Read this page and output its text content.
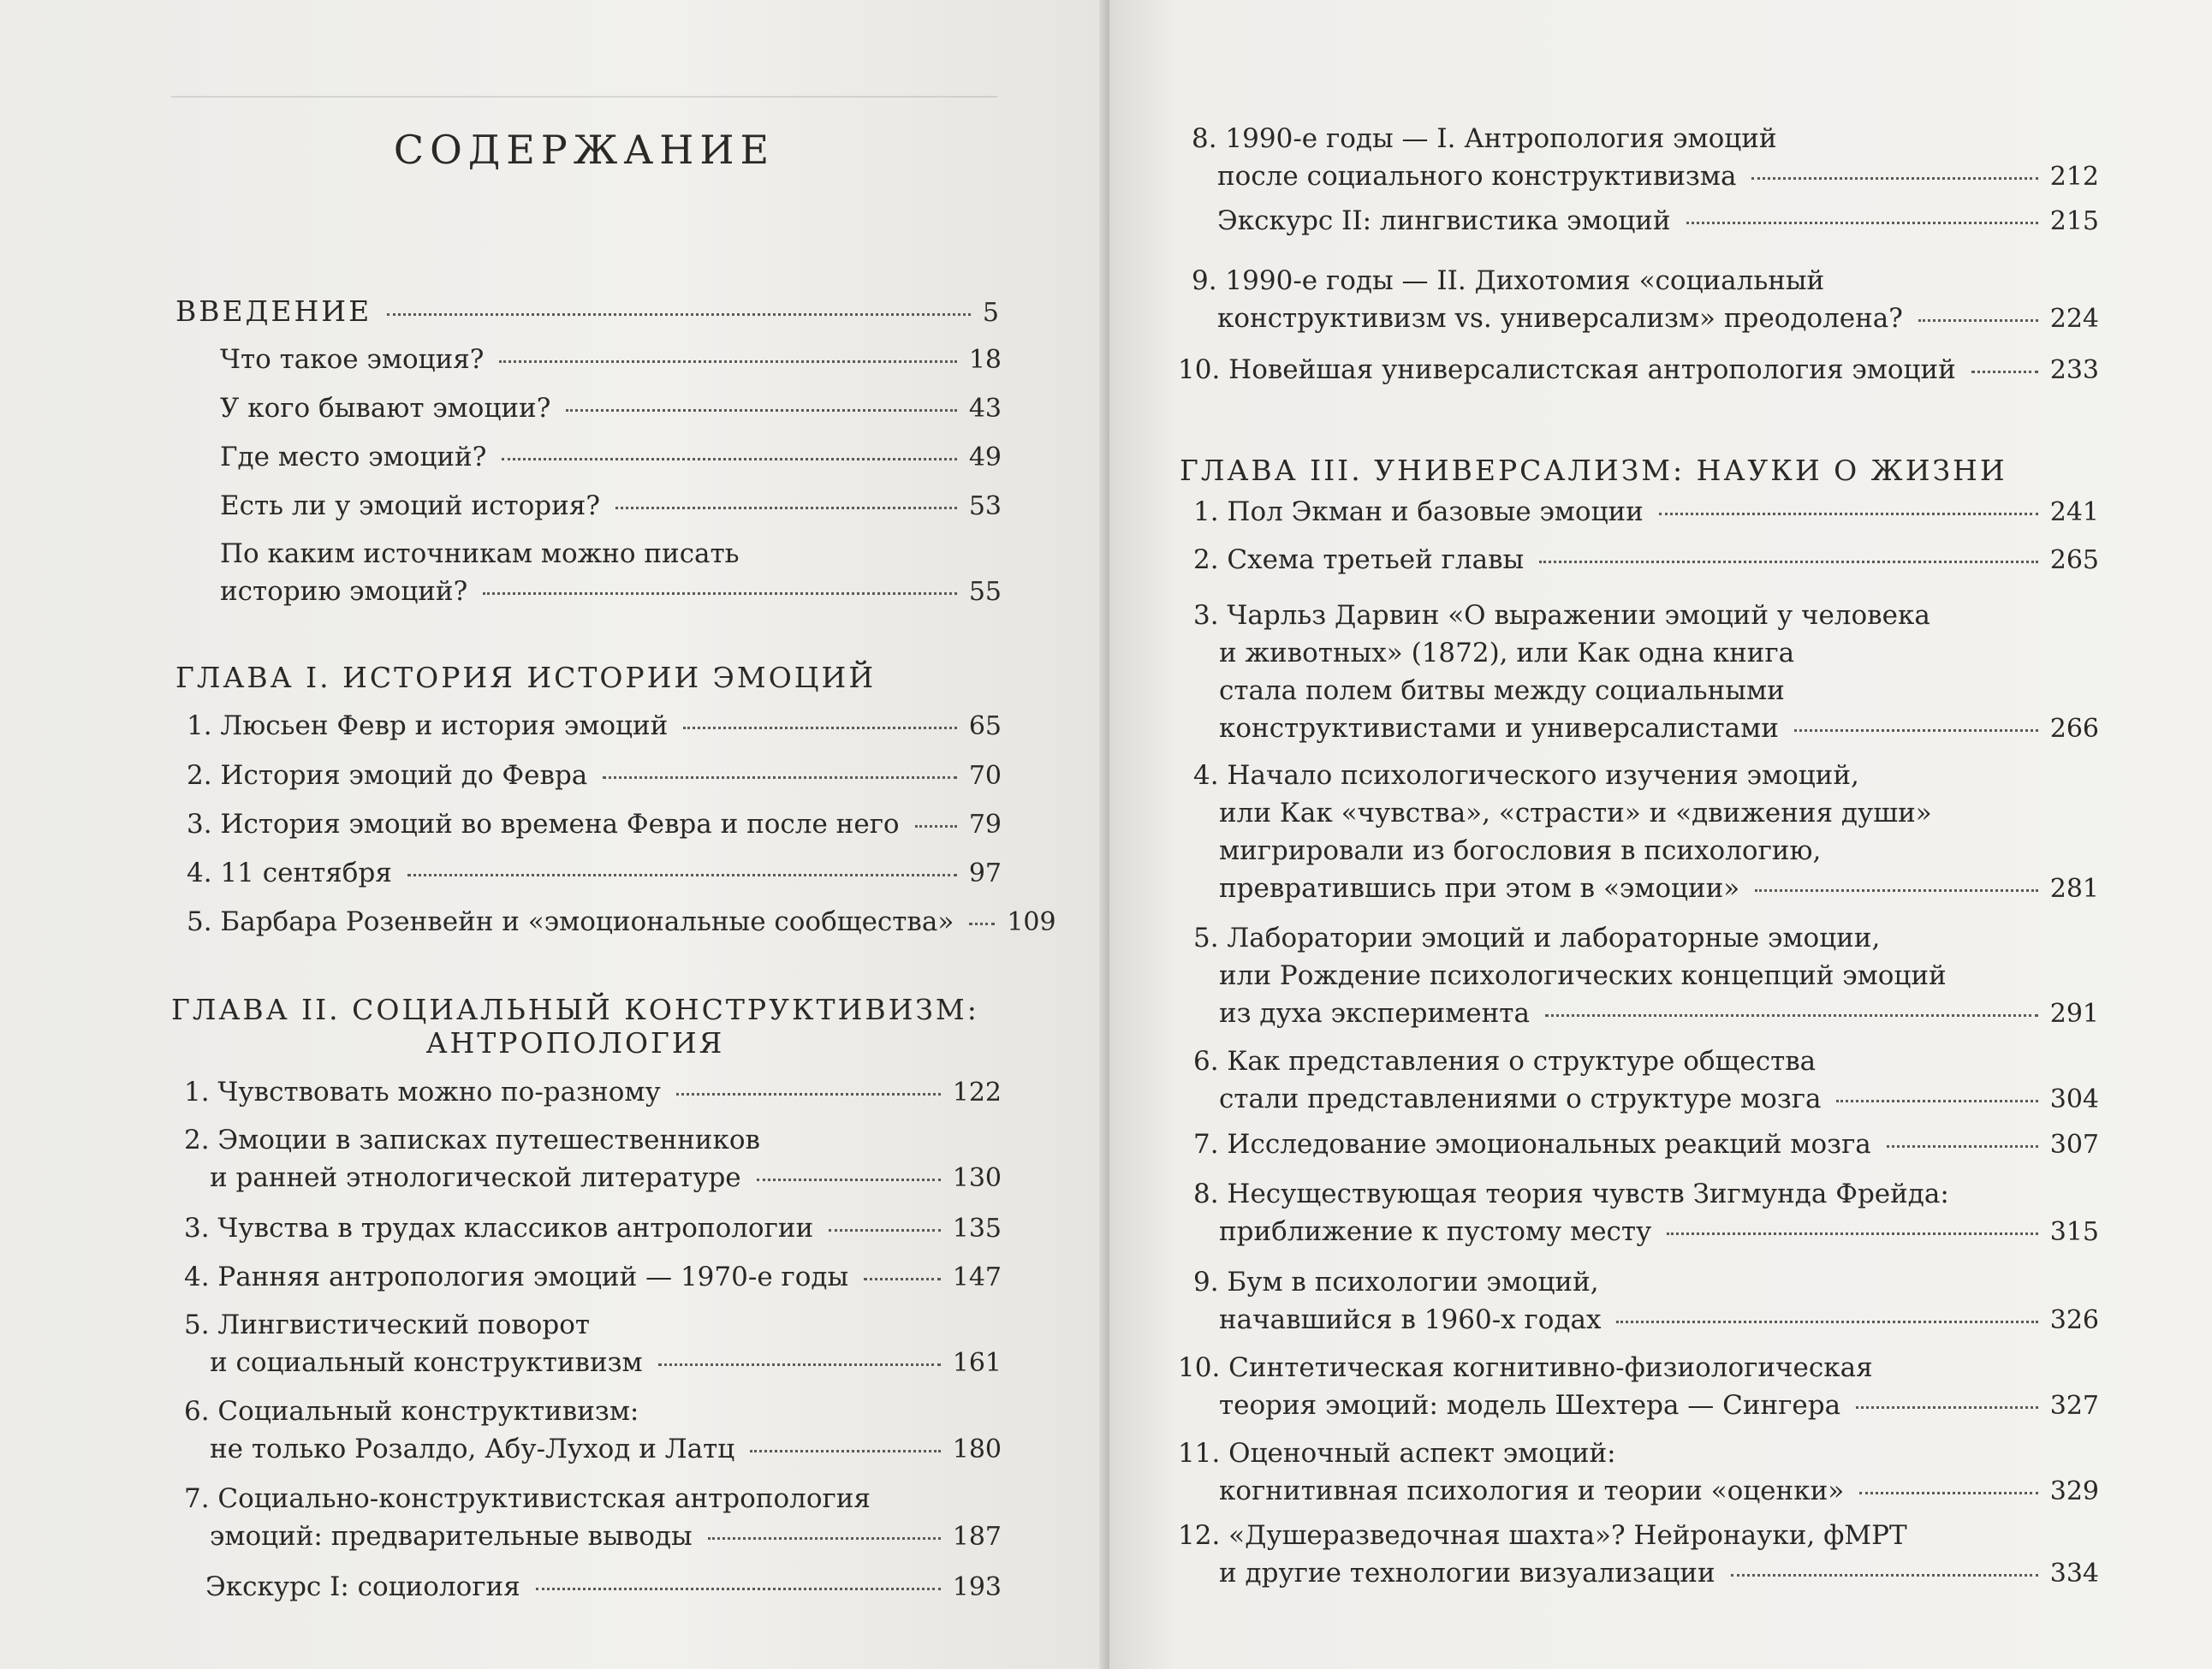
СОДЕРЖАНИЕ
ВВЕДЕНИЕ	5
Что такое эмоция?	18
У кого бывают эмоции?	43
Где место эмоций?	49
Есть ли у эмоций история?	53
По каким источникам можно писать
историю эмоций?	55
ГЛАВА I. ИСТОРИЯ ИСТОРИИ ЭМОЦИЙ
1. Люсьен Февр и история эмоций	65
2. История эмоций до Февра	70
3. История эмоций во времена Февра и после него	79
4. 11 сентября	97
5. Барбара Розенвейн и «эмоциональные сообщества» 109
ГЛАВА II. СОЦИАЛЬНЫЙ КОНСТРУКТИВИЗМ:
АНТРОПОЛОГИЯ
1. Чувствовать можно по-разному	122
2. Эмоции в записках путешественников
и ранней этнологической литературе	130
3. Чувства в трудах классиков антропологии	135
4. Ранняя антропология эмоций — 1970-е годы	147
5. Лингвистический поворот
и социальный конструктивизм	161
6. Социальный конструктивизм:
не только Розалдо, Абу-Луход и Латц	180
7. Социально-конструктивистская антропология
эмоций: предварительные выводы	187
Экскурс I: социология	193
8. 1990-е годы — I. Антропология эмоций
после социального конструктивизма	212
Экскурс II: лингвистика эмоций	215
9. 1990-е годы — II. Дихотомия «социальный
конструктивизм vs. универсализм» преодолена?	224
10. Новейшая универсалистская антропология эмоций	233
ГЛАВА III. УНИВЕРСАЛИЗМ: НАУКИ О ЖИЗНИ
1. Пол Экман и базовые эмоции	241
2. Схема третьей главы	265
3. Чарльз Дарвин «О выражении эмоций у человека
и животных» (1872), или Как одна книга
стала полем битвы между социальными
конструктивистами и универсалистами	266
4. Начало психологического изучения эмоций,
или Как «чувства», «страсти» и «движения души»
мигрировали из богословия в психологию,
превратившись при этом в «эмоции»	281
5. Лаборатории эмоций и лабораторные эмоции,
или Рождение психологических концепций эмоций
из духа эксперимента	291
6. Как представления о структуре общества
стали представлениями о структуре мозга	304
7. Исследование эмоциональных реакций мозга	307
8. Несуществующая теория чувств Зигмунда Фрейда:
приближение к пустому месту	315
9. Бум в психологии эмоций,
начавшийся в 1960-х годах	326
10. Синтетическая когнитивно-физиологическая
теория эмоций: модель Шехтера — Сингера	327
11. Оценочный аспект эмоций:
когнитивная психология и теории «оценки»	329
12. «Душеразведочная шахта»? Нейронауки, фМРТ
и другие технологии визуализации	334
